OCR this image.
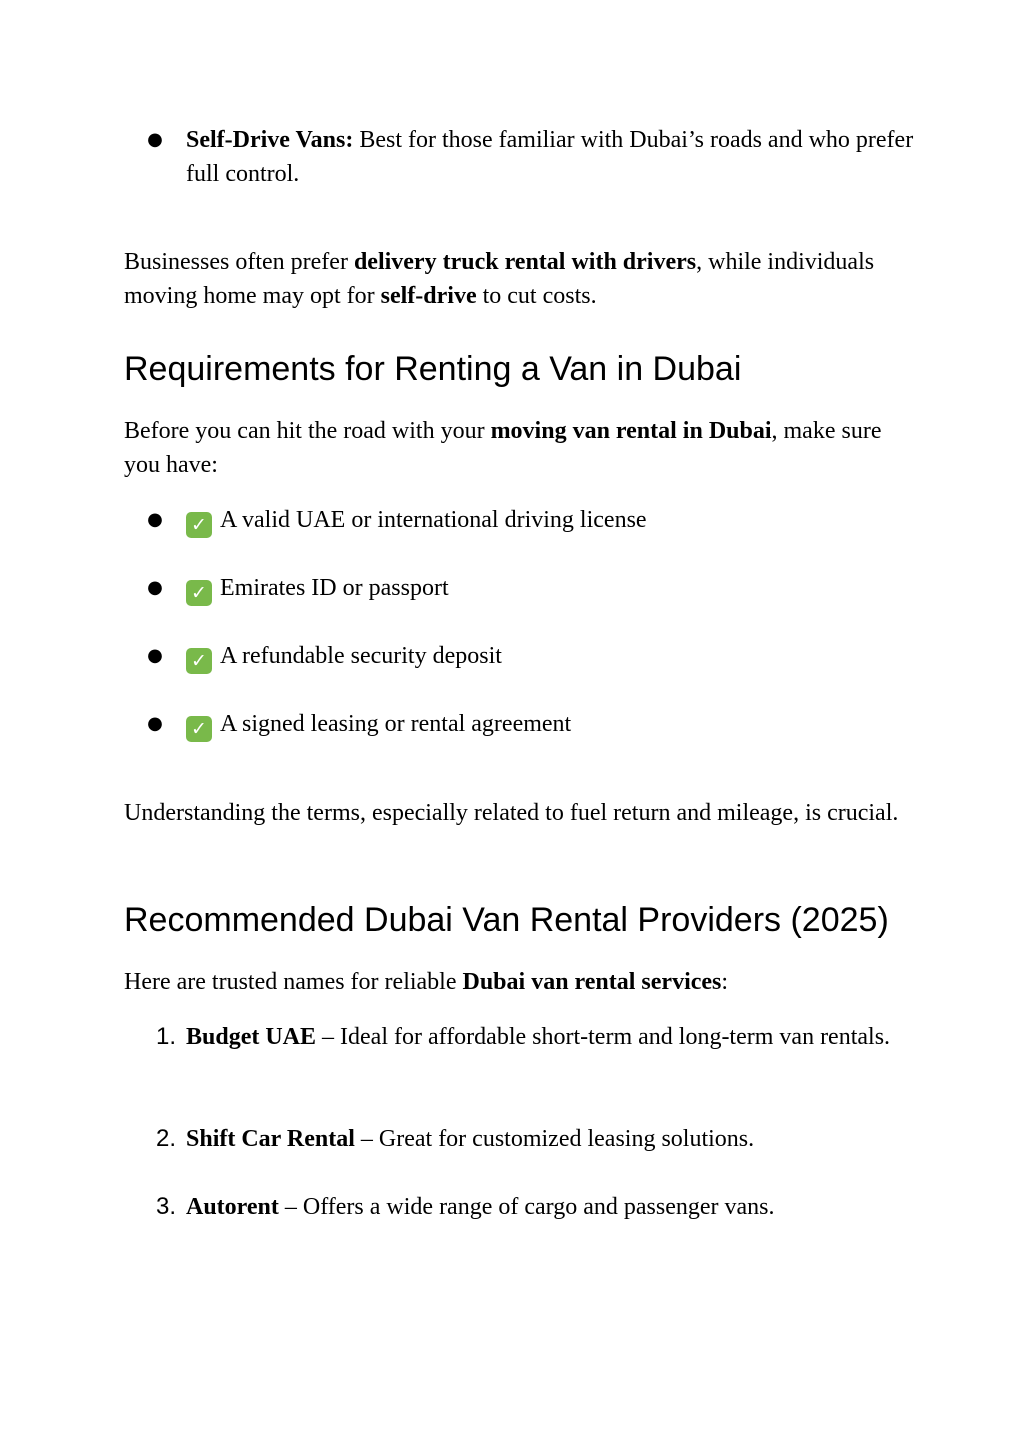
● Self-Drive Vans: Best for those familiar with Dubai’s roads and who prefer full control.

Businesses often prefer delivery truck rental with drivers, while individuals moving home may opt for self-drive to cut costs.

Requirements for Renting a Van in Dubai

Before you can hit the road with your moving van rental in Dubai, make sure you have:

●	✓ A valid UAE or international driving license
●	✓ Emirates ID or passport
●	✓ A refundable security deposit
●	✓ A signed leasing or rental agreement

Understanding the terms, especially related to fuel return and mileage, is crucial.

Recommended Dubai Van Rental Providers (2025)

Here are trusted names for reliable Dubai van rental services:

1. Budget UAE – Ideal for affordable short-term and long-term van rentals.
2. Shift Car Rental – Great for customized leasing solutions.
3. Autorent – Offers a wide range of cargo and passenger vans.
